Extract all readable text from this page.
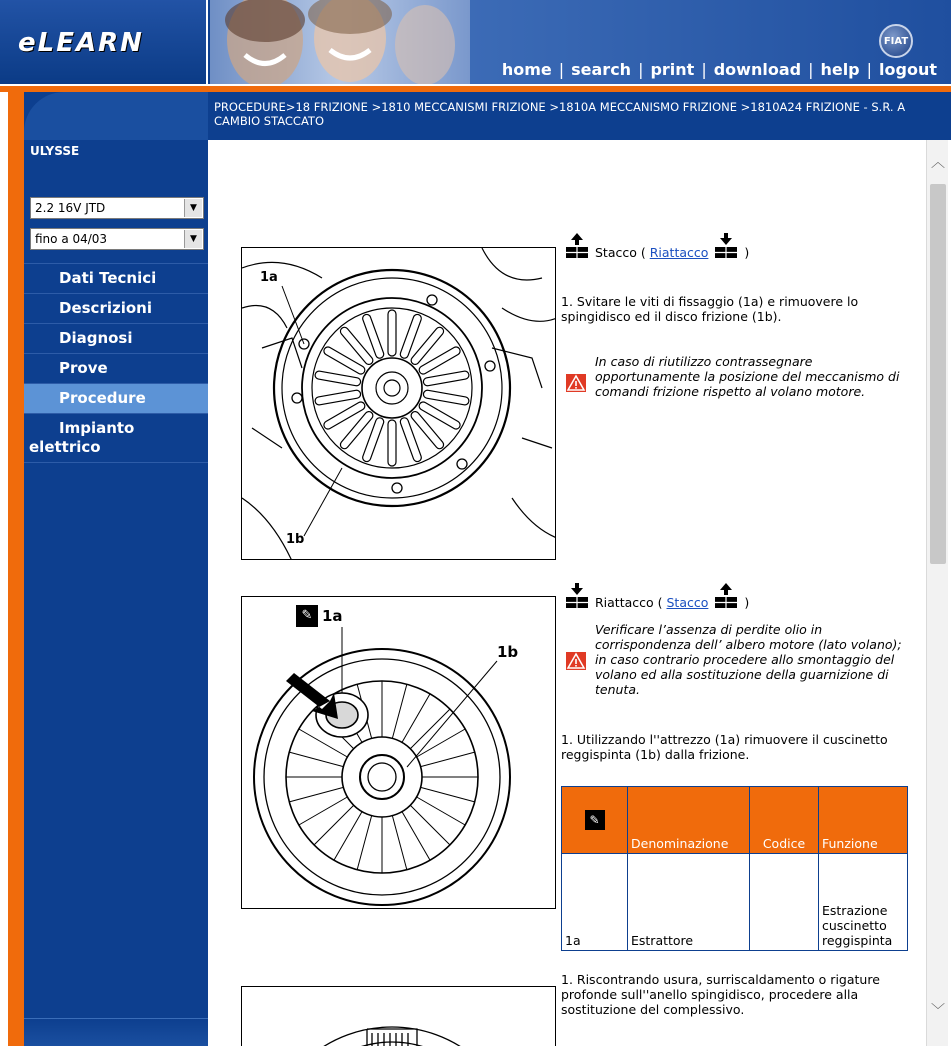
eLEARN	FIAT
home | search | print | download | help | logout
PROCEDURE>18 FRIZIONE >1810 MECCANISMI FRIZIONE >1810A MECCANISMO FRIZIONE >1810A24 FRIZIONE - S.R. A CAMBIO STACCATO
ULYSSE
2.2 16V JTD	▼
fino a 04/03	▼
Dati Tecnici
Descrizioni
Diagnosi
Prove
Procedure
Impianto elettrico
1a
1b
Stacco ( Riattacco	)
1. Svitare le viti di fissaggio (1a) e rimuovere lo spingidisco ed il disco frizione (1b).
In caso di riutilizzo contrassegnare opportunamente la posizione del meccanismo di comandi frizione rispetto al volano motore.
✎ 1a
1b
Riattacco ( Stacco	)
Verificare l’assenza di perdite olio in corrispondenza dell’ albero motore (lato volano); in caso contrario procedere allo smontaggio del volano ed alla sostituzione della guarnizione di tenuta.
1. Utilizzando l''attrezzo (1a) rimuovere il cuscinetto reggispinta (1b) dalla frizione.
✎	Denominazione	Codice	Funzione
1a	Estrattore		Estrazione cuscinetto reggispinta
1. Riscontrando usura, surriscaldamento o rigature profonde sull''anello spingidisco, procedere alla sostituzione del complessivo.
︿
﹀
